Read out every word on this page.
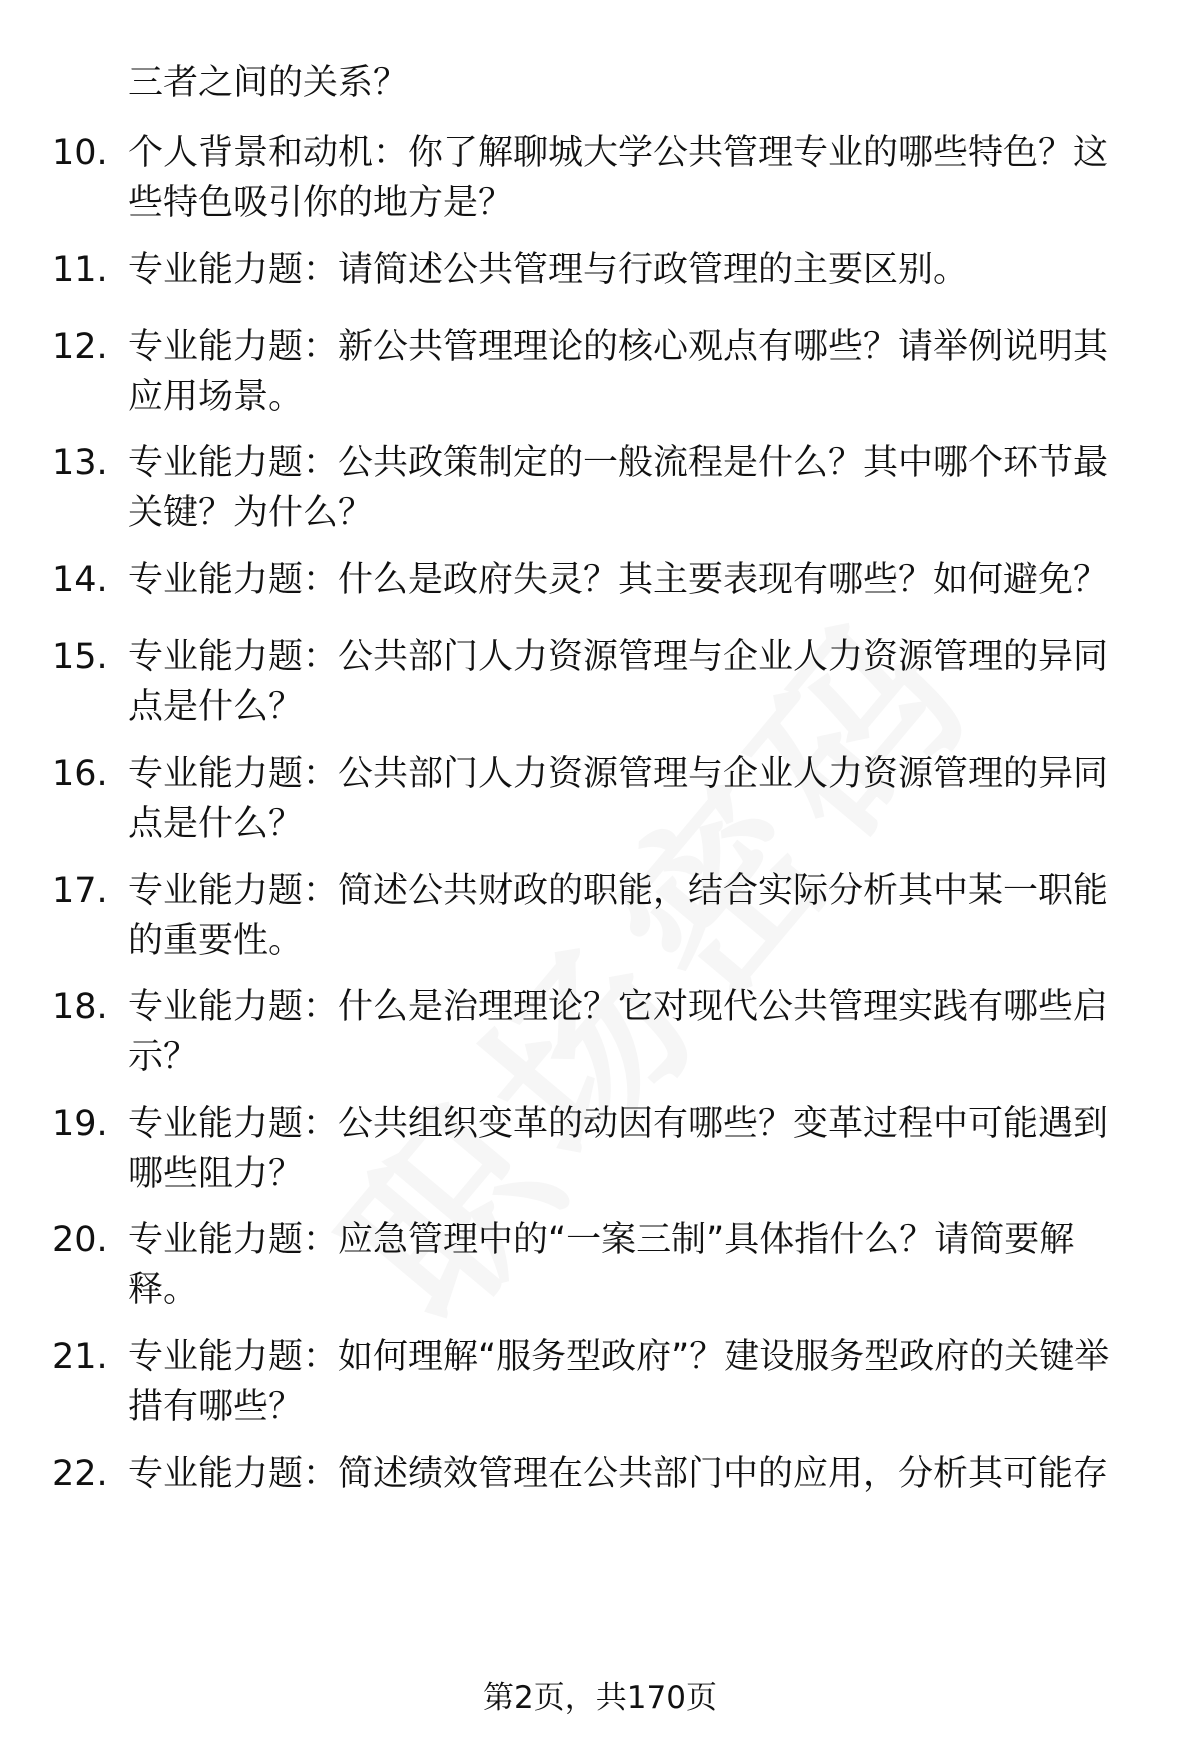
三者之间的关系？
10. 个人背景和动机：你了解聊城大学公共管理专业的哪些特色？这些特色吸引你的地方是？
11. 专业能力题：请简述公共管理与行政管理的主要区别。
12. 专业能力题：新公共管理理论的核心观点有哪些？请举例说明其应用场景。
13. 专业能力题：公共政策制定的一般流程是什么？其中哪个环节最关键？为什么？
14. 专业能力题：什么是政府失灵？其主要表现有哪些？如何避免？
15. 专业能力题：公共部门人力资源管理与企业人力资源管理的异同点是什么？
16. 专业能力题：公共部门人力资源管理与企业人力资源管理的异同点是什么？
17. 专业能力题：简述公共财政的职能，结合实际分析其中某一职能的重要性。
18. 专业能力题：什么是治理理论？它对现代公共管理实践有哪些启示？
19. 专业能力题：公共组织变革的动因有哪些？变革过程中可能遇到哪些阻力？
20. 专业能力题：应急管理中的“一案三制”具体指什么？请简要解释。
21. 专业能力题：如何理解“服务型政府”？建设服务型政府的关键举措有哪些？
22. 专业能力题：简述绩效管理在公共部门中的应用，分析其可能存
第2页，共170页
